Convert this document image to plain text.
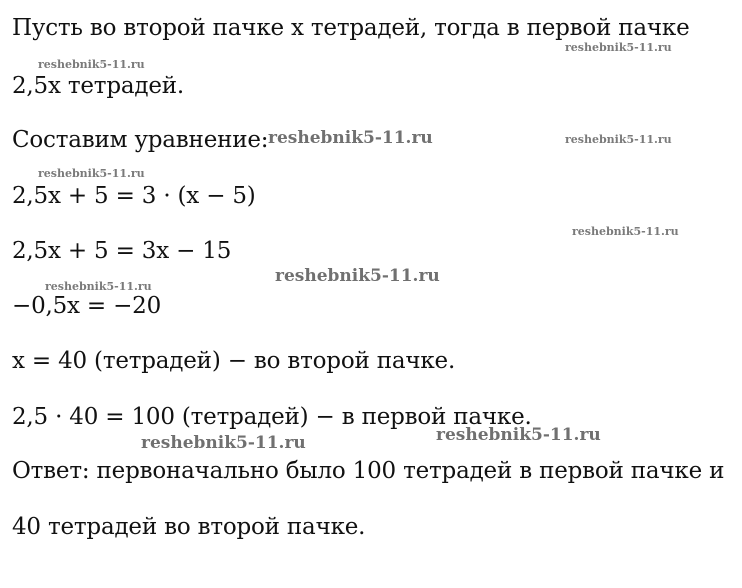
Пусть во второй пачке x тетрадей, тогда в первой пачке
2,5x тетрадей.
Составим уравнение:
2,5x + 5 = 3 · (x − 5)
2,5x + 5 = 3x − 15
−0,5x = −20
x = 40 (тетрадей) − во второй пачке.
2,5 · 40 = 100 (тетрадей) − в первой пачке.
Ответ: первоначально было 100 тетрадей в первой пачке и
40 тетрадей во второй пачке.
reshebnik5-11.ru
reshebnik5-11.ru
reshebnik5-11.ru	reshebnik5-11.ru
reshebnik5-11.ru
reshebnik5-11.ru
reshebnik5-11.ru
reshebnik5-11.ru
reshebnik5-11.ru
reshebnik5-11.ru
